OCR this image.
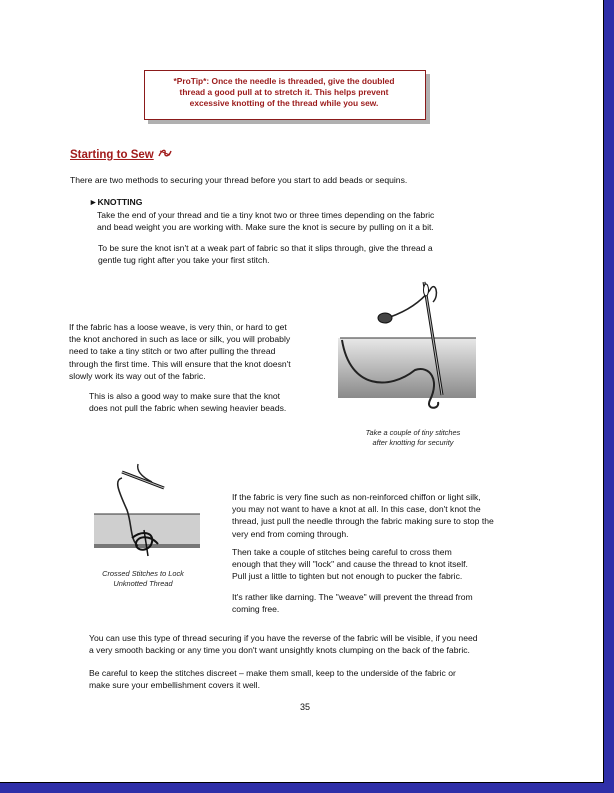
*ProTip*: Once the needle is threaded, give the doubled
thread a good pull at to stretch it. This helps prevent
excessive knotting of the thread while you sew.
Starting to Sew
There are two methods to securing your thread before you start to add beads or sequins.
►KNOTTING
Take the end of your thread and tie a tiny knot two or three times depending on the fabric
and bead weight you are working with. Make sure the knot is secure by pulling on it a bit.
To be sure the knot isn't at a weak part of fabric so that it slips through, give the thread a
gentle tug right after you take your first stitch.
If the fabric has a loose weave, is very thin, or hard to get
the knot anchored in such as lace or silk, you will probably
need to take a tiny stitch or two after pulling the thread
through the first time. This will ensure that the knot doesn't
slowly work its way out of the fabric.
This is also a good way to make sure that the knot
does not pull the fabric when sewing heavier beads.
Take a couple of tiny stitches
after knotting for security
Crossed Stitches to Lock
Unknotted Thread
If the fabric is very fine such as non-reinforced chiffon or light silk,
you may not want to have a knot at all. In this case, don't knot the
thread, just pull the needle through the fabric making sure to stop the
very end from coming through.
Then take a couple of stitches being careful to cross them
enough that they will "lock" and cause the thread to knot itself.
Pull just a little to tighten but not enough to pucker the fabric.
It's rather like darning. The "weave" will prevent the thread from
coming free.
You can use this type of thread securing if you have the reverse of the fabric will be visible, if you need
a very smooth backing or any time you don't want unsightly knots clumping on the back of the fabric.
Be careful to keep the stitches discreet – make them small, keep to the underside of the fabric or
make sure your embellishment covers it well.
35
